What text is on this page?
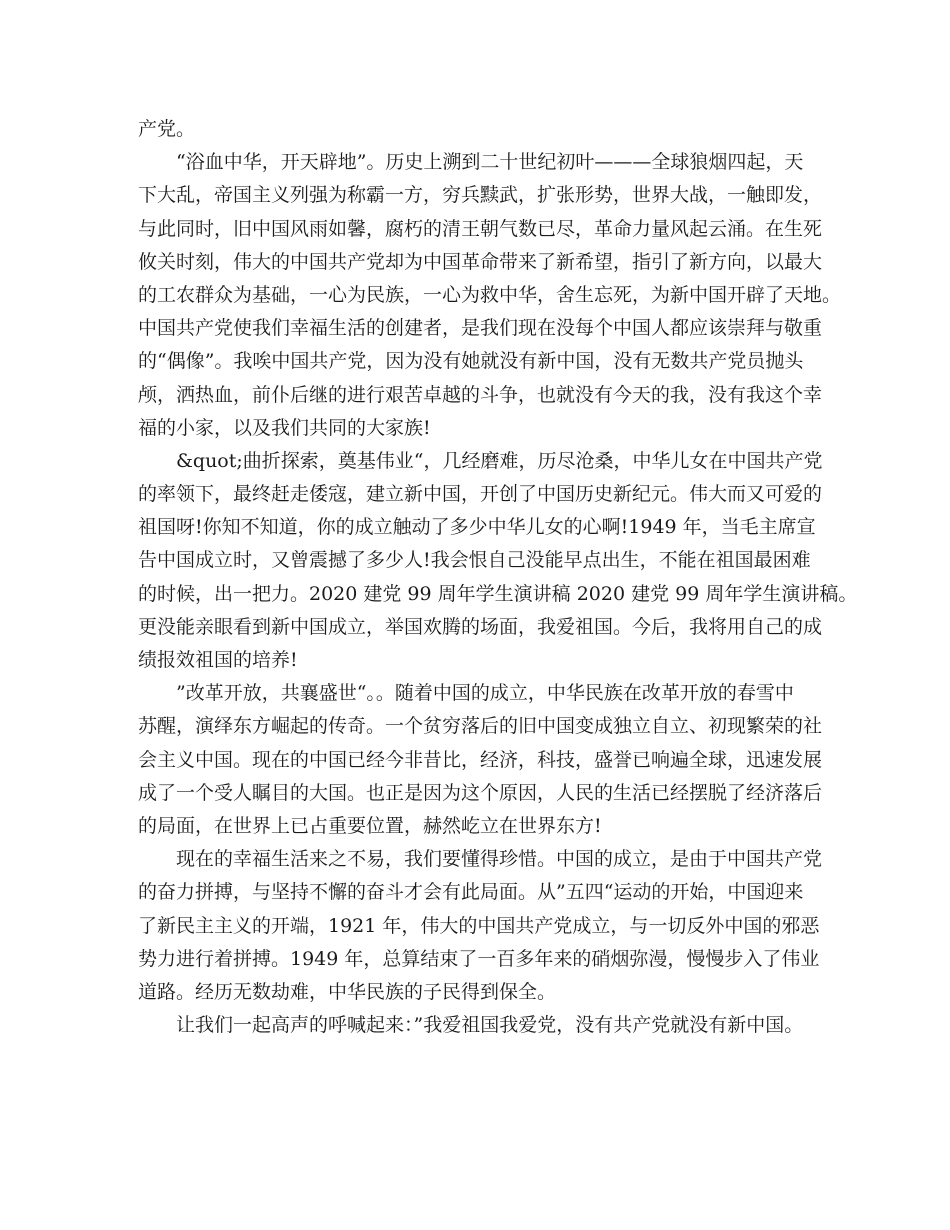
产党。
“浴血中华，开天辟地”。历史上溯到二十世纪初叶———全球狼烟四起，天
下大乱，帝国主义列强为称霸一方，穷兵黩武，扩张形势，世界大战，一触即发，
与此同时，旧中国风雨如馨，腐朽的清王朝气数已尽，革命力量风起云涌。在生死
攸关时刻，伟大的中国共产党却为中国革命带来了新希望，指引了新方向，以最大
的工农群众为基础，一心为民族，一心为救中华，舍生忘死，为新中国开辟了天地。
中国共产党使我们幸福生活的创建者，是我们现在没每个中国人都应该崇拜与敬重
的“偶像”。我唉中国共产党，因为没有她就没有新中国，没有无数共产党员抛头
颅，洒热血，前仆后继的进行艰苦卓越的斗争，也就没有今天的我，没有我这个幸
福的小家，以及我们共同的大家族!
&quot;曲折探索，奠基伟业“，几经磨难，历尽沧桑，中华儿女在中国共产党
的率领下，最终赶走倭寇，建立新中国，开创了中国历史新纪元。伟大而又可爱的
祖国呀!你知不知道，你的成立触动了多少中华儿女的心啊!1949 年，当毛主席宣
告中国成立时，又曾震撼了多少人!我会恨自己没能早点出生，不能在祖国最困难
的时候，出一把力。2020 建党 99 周年学生演讲稿 2020 建党 99 周年学生演讲稿。
更没能亲眼看到新中国成立，举国欢腾的场面，我爱祖国。今后，我将用自己的成
绩报效祖国的培养!
”改革开放，共襄盛世“。。随着中国的成立，中华民族在改革开放的春雪中
苏醒，演绎东方崛起的传奇。一个贫穷落后的旧中国变成独立自立、初现繁荣的社
会主义中国。现在的中国已经今非昔比，经济，科技，盛誉已响遍全球，迅速发展
成了一个受人瞩目的大国。也正是因为这个原因，人民的生活已经摆脱了经济落后
的局面，在世界上已占重要位置，赫然屹立在世界东方!
现在的幸福生活来之不易，我们要懂得珍惜。中国的成立，是由于中国共产党
的奋力拼搏，与坚持不懈的奋斗才会有此局面。从”五四“运动的开始，中国迎来
了新民主主义的开端，1921 年，伟大的中国共产党成立，与一切反外中国的邪恶
势力进行着拼搏。1949 年，总算结束了一百多年来的硝烟弥漫，慢慢步入了伟业
道路。经历无数劫难，中华民族的子民得到保全。
让我们一起高声的呼喊起来：”我爱祖国我爱党，没有共产党就没有新中国。
